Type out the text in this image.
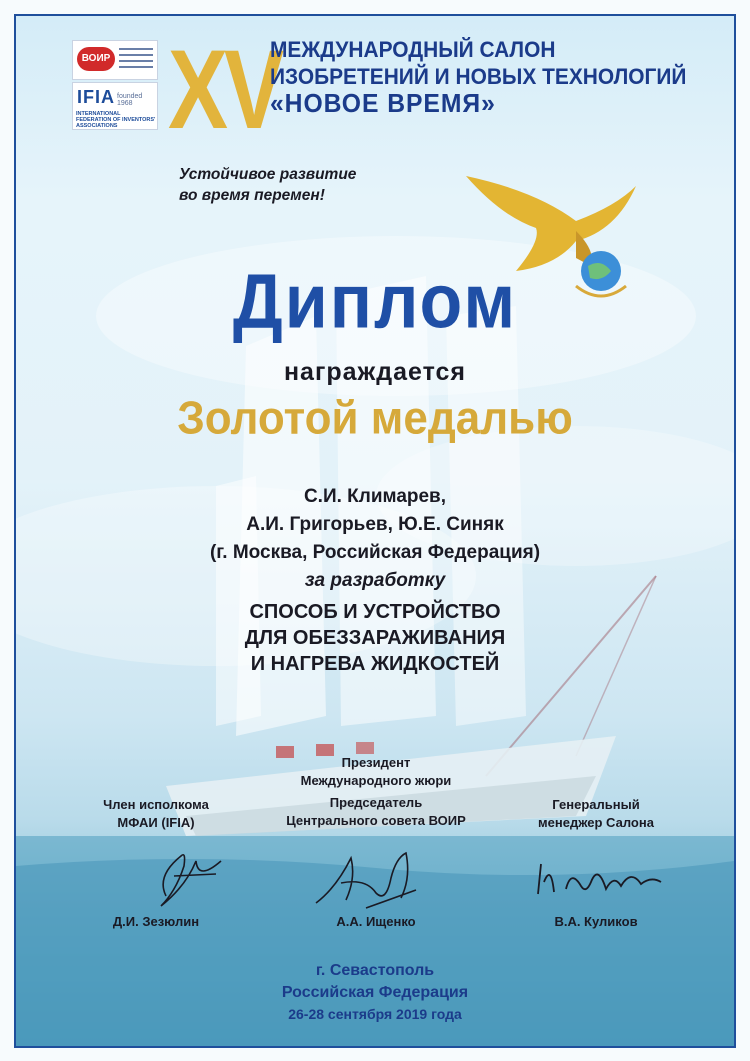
ВОИР
IFIA founded 1968
INTERNATIONAL FEDERATION OF INVENTORS' ASSOCIATIONS XV
МЕЖДУНАРОДНЫЙ САЛОН
ИЗОБРЕТЕНИЙ И НОВЫХ ТЕХНОЛОГИЙ
«НОВОЕ ВРЕМЯ»
Устойчивое развитие
во время перемен!
Диплом
награждается
Золотой медалью
С.И. Климарев,
А.И. Григорьев, Ю.Е. Синяк
(г. Москва, Российская Федерация)
за разработку
СПОСОБ И УСТРОЙСТВО
ДЛЯ ОБЕЗЗАРАЖИВАНИЯ
И НАГРЕВА ЖИДКОСТЕЙ
Член исполкома
МФАИ (IFIA)
Президент
Международного жюри
Председатель
Центрального совета ВОИР
Генеральный
менеджер Салона
Д.И. Зезюлин	А.А. Ищенко	В.А. Куликов
г. Севастополь
Российская Федерация
26-28 сентября 2019 года
